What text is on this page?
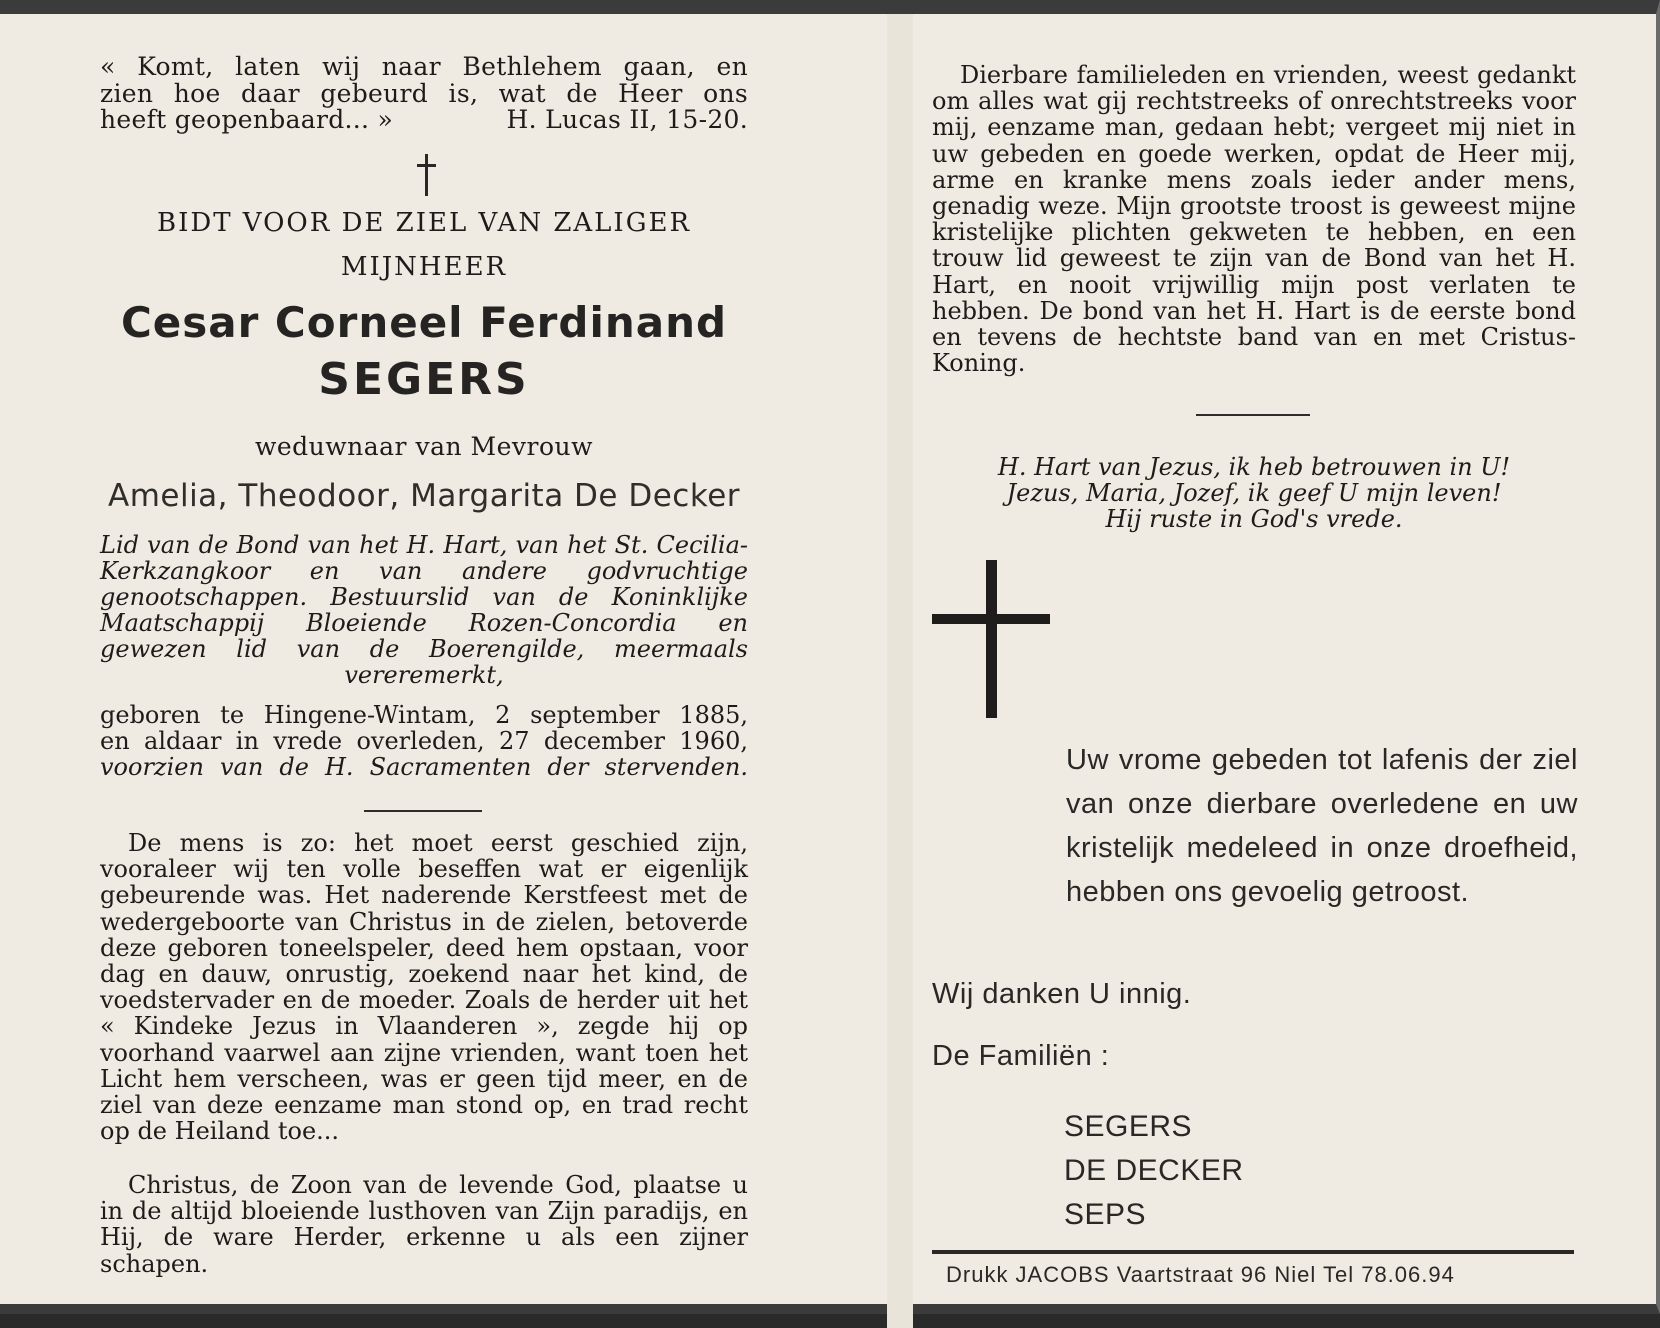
« Komt, laten wij naar Bethlehem gaan, en

zien hoe daar gebeurd is, wat de Heer ons

heeft geopenbaard... »	H. Lucas II, 15-20.
BIDT VOOR DE ZIEL VAN ZALIGER
MIJNHEER
Cesar Corneel Ferdinand
SEGERS
weduwnaar van Mevrouw
Amelia, Theodoor, Margarita De Decker

Lid van de Bond van het H. Hart, van het St. Cecilia-Kerkzangkoor en van andere godvruchtige genootschappen. Bestuurslid van de Koninklijke Maatschappij Bloeiende Rozen-Concordia en gewezen lid van de Boerengilde, meermaals vereremerkt,

geboren te Hingene-Wintam, 2 september 1885,

en aldaar in vrede overleden, 27 december 1960,

voorzien van de H. Sacramenten der stervenden.

De mens is zo: het moet eerst geschied zijn, vooraleer wij ten volle beseffen wat er eigenlijk gebeurende was. Het naderende Kerstfeest met de wedergeboorte van Christus in de zielen, betoverde deze geboren toneelspeler, deed hem opstaan, voor dag en dauw, onrustig, zoekend naar het kind, de voedstervader en de moeder. Zoals de herder uit het « Kindeke Jezus in Vlaanderen », zegde hij op voorhand vaarwel aan zijne vrienden, want toen het Licht hem verscheen, was er geen tijd meer, en de ziel van deze eenzame man stond op, en trad recht op de Heiland toe...

Christus, de Zoon van de levende God, plaatse u in de altijd bloeiende lusthoven van Zijn paradijs, en Hij, de ware Herder, erkenne u als een zijner schapen.

Dierbare familieleden en vrienden, weest gedankt om alles wat gij rechtstreeks of onrechtstreeks voor mij, eenzame man, gedaan hebt; vergeet mij niet in uw gebeden en goede werken, opdat de Heer mij, arme en kranke mens zoals ieder ander mens, genadig weze. Mijn grootste troost is geweest mijne kristelijke plichten gekweten te hebben, en een trouw lid geweest te zijn van de Bond van het H. Hart, en nooit vrijwillig mijn post verlaten te hebben. De bond van het H. Hart is de eerste bond en tevens de hechtste band van en met Cristus-Koning.

H. Hart van Jezus, ik heb betrouwen in U!
Jezus, Maria, Jozef, ik geef U mijn leven!
Hij ruste in God's vrede.

Uw vrome gebeden tot lafenis der ziel van onze dierbare overledene en uw kristelijk medeleed in onze droefheid, hebben ons gevoelig getroost.

Wij danken U innig.
De Familiën :
SEGERS
DE DECKER
SEPS
Drukk JACOBS Vaartstraat 96 Niel Tel 78.06.94
